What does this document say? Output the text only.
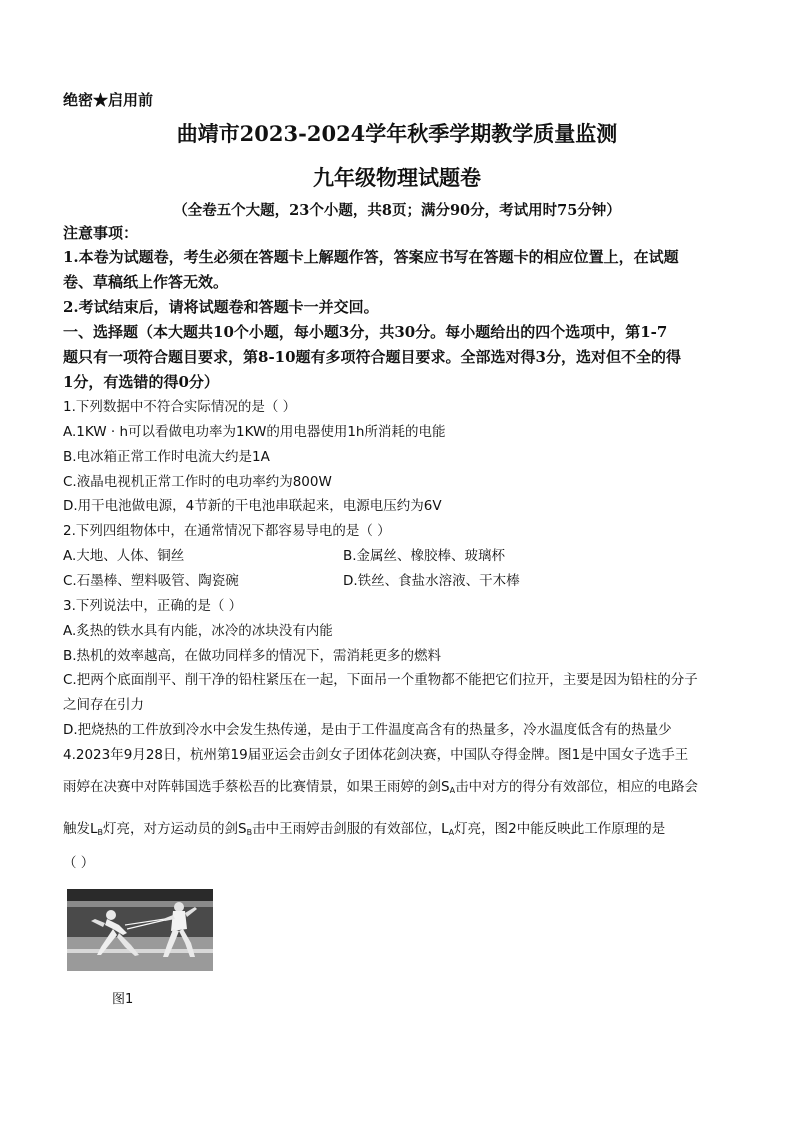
绝密★启用前
曲靖市2023-2024学年秋季学期教学质量监测
九年级物理试题卷
（全卷五个大题，23个小题，共8页；满分90分，考试用时75分钟）
注意事项：
1.本卷为试题卷，考生必须在答题卡上解题作答，答案应书写在答题卡的相应位置上，在试题
卷、草稿纸上作答无效。
2.考试结束后，请将试题卷和答题卡一并交回。
一、选择题（本大题共10个小题，每小题3分，共30分。每小题给出的四个选项中，第1-7
题只有一项符合题目要求，第8-10题有多项符合题目要求。全部选对得3分，选对但不全的得
1分，有选错的得0分）
1.下列数据中不符合实际情况的是（ ）
A.1KW · h可以看做电功率为1KW的用电器使用1h所消耗的电能
B.电冰箱正常工作时电流大约是1A
C.液晶电视机正常工作时的电功率约为800W
D.用干电池做电源，4节新的干电池串联起来，电源电压约为6V
2.下列四组物体中，在通常情况下都容易导电的是（ ）
A.大地、人体、铜丝	B.金属丝、橡胶棒、玻璃杯
C.石墨棒、塑料吸管、陶瓷碗	D.铁丝、食盐水溶液、干木棒
3.下列说法中，正确的是（ ）
A.炙热的铁水具有内能，冰冷的冰块没有内能
B.热机的效率越高，在做功同样多的情况下，需消耗更多的燃料
C.把两个底面削平、削干净的铅柱紧压在一起，下面吊一个重物都不能把它们拉开，主要是因为铅柱的分子
之间存在引力
D.把烧热的工件放到冷水中会发生热传递，是由于工件温度高含有的热量多，冷水温度低含有的热量少
4.2023年9月28日，杭州第19届亚运会击剑女子团体花剑决赛，中国队夺得金牌。图1是中国女子选手王
雨婷在决赛中对阵韩国选手蔡松吾的比赛情景，如果王雨婷的剑$S_A$击中对方的得分有效部位，相应的电路会
触发$L_B$灯亮，对方运动员的剑$S_B$击中王雨婷击剑服的有效部位，$L_A$灯亮，图2中能反映此工作原理的是
（ ）
图1
